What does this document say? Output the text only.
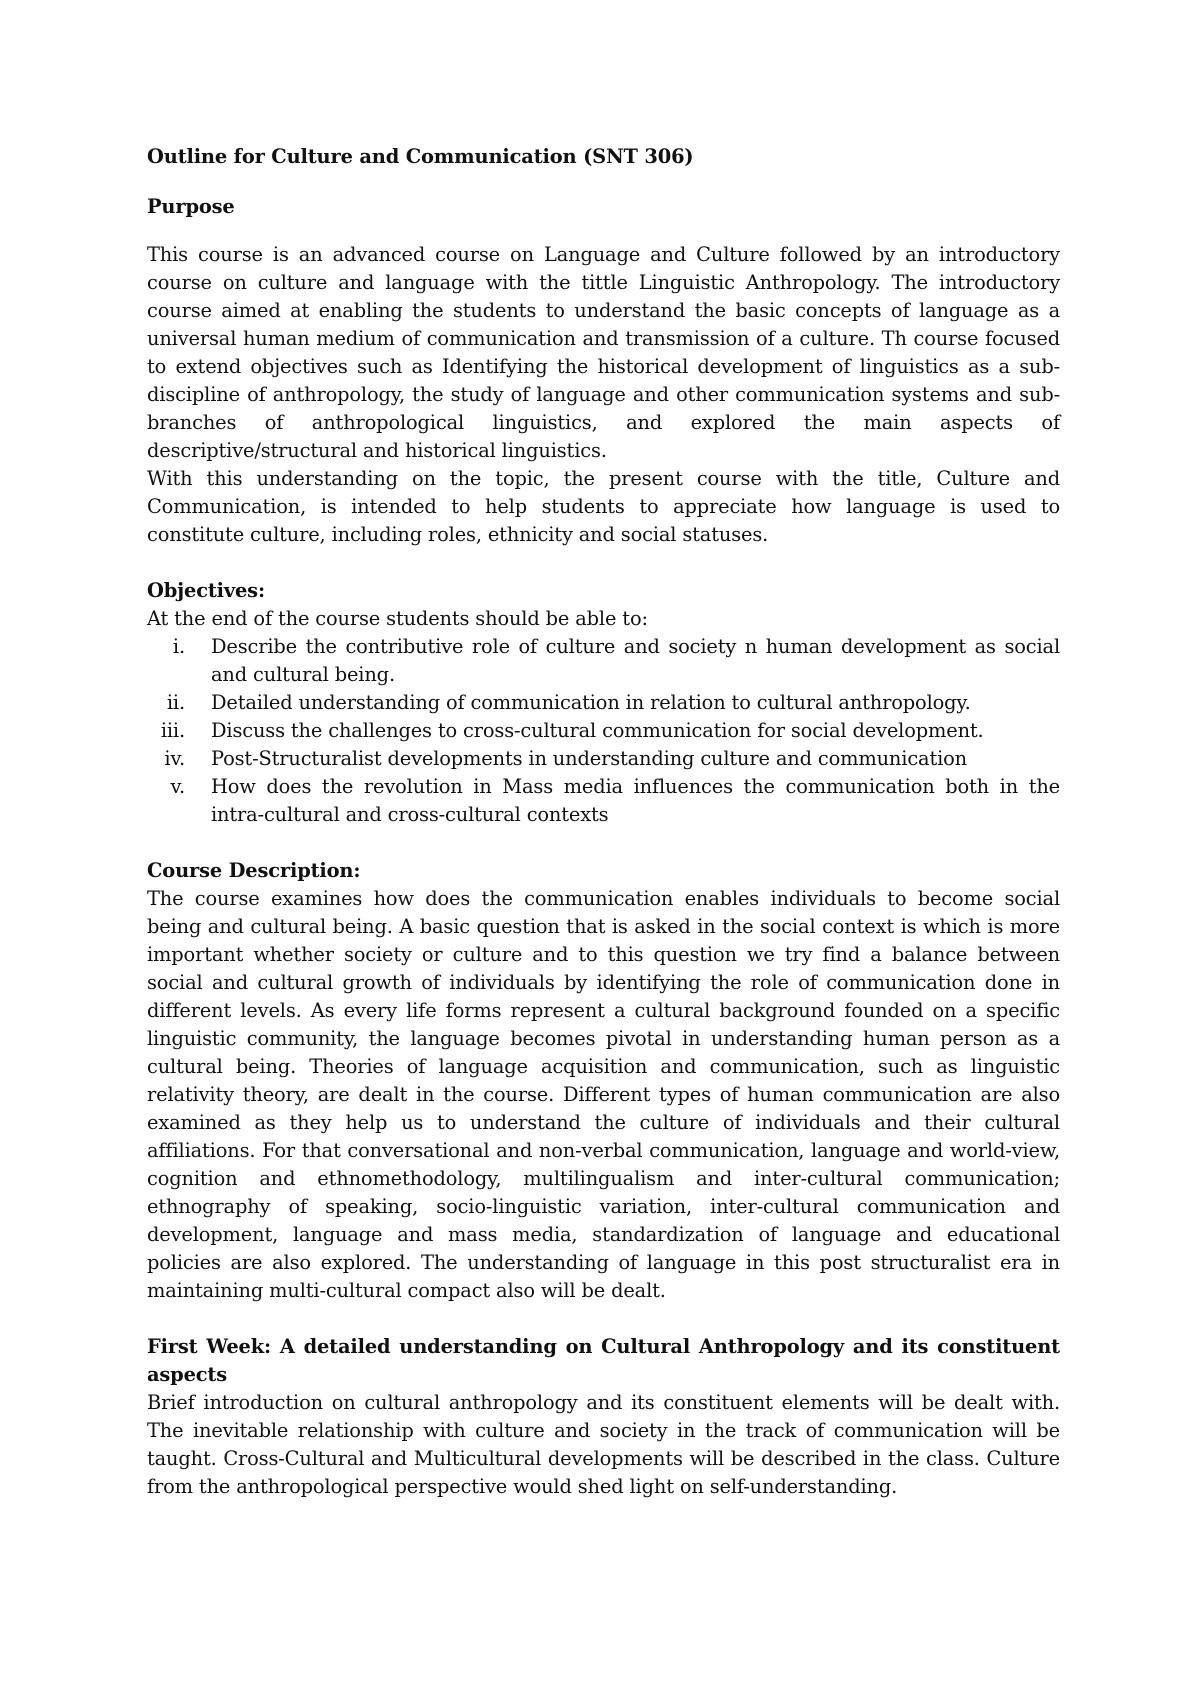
Outline for Culture and Communication (SNT 306)
Purpose

This course is an advanced course on Language and Culture followed by an introductory course on culture and language with the tittle Linguistic Anthropology. The introductory course aimed at enabling the students to understand the basic concepts of language as a universal human medium of communication and transmission of a culture. Th course focused to extend objectives such as Identifying the historical development of linguistics as a sub-discipline of anthropology, the study of language and other communication systems and sub-branches of anthropological linguistics, and explored the main aspects of descriptive/structural and historical linguistics.

With this understanding on the topic, the present course with the title, Culture and Communication, is intended to help students to appreciate how language is used to constitute culture, including roles, ethnicity and social statuses.

Objectives:

At the end of the course students should be able to:

i. Describe the contributive role of culture and society n human development as social and cultural being.
ii. Detailed understanding of communication in relation to cultural anthropology.
iii. Discuss the challenges to cross-cultural communication for social development.
iv. Post-Structuralist developments in understanding culture and communication
v. How does the revolution in Mass media influences the communication both in the intra-cultural and cross-cultural contexts
Course Description:

The course examines how does the communication enables individuals to become social being and cultural being. A basic question that is asked in the social context is which is more important whether society or culture and to this question we try find a balance between social and cultural growth of individuals by identifying the role of communication done in different levels. As every life forms represent a cultural background founded on a specific linguistic community, the language becomes pivotal in understanding human person as a cultural being. Theories of language acquisition and communication, such as linguistic relativity theory, are dealt in the course. Different types of human communication are also examined as they help us to understand the culture of individuals and their cultural affiliations. For that conversational and non-verbal communication, language and world-view, cognition and ethnomethodology, multilingualism and inter-cultural communication; ethnography of speaking, socio-linguistic variation, inter-cultural communication and development, language and mass media, standardization of language and educational policies are also explored. The understanding of language in this post structuralist era in maintaining multi-cultural compact also will be dealt.

First Week: A detailed understanding on Cultural Anthropology and its constituent aspects

Brief introduction on cultural anthropology and its constituent elements will be dealt with. The inevitable relationship with culture and society in the track of communication will be taught. Cross-Cultural and Multicultural developments will be described in the class. Culture from the anthropological perspective would shed light on self-understanding.
